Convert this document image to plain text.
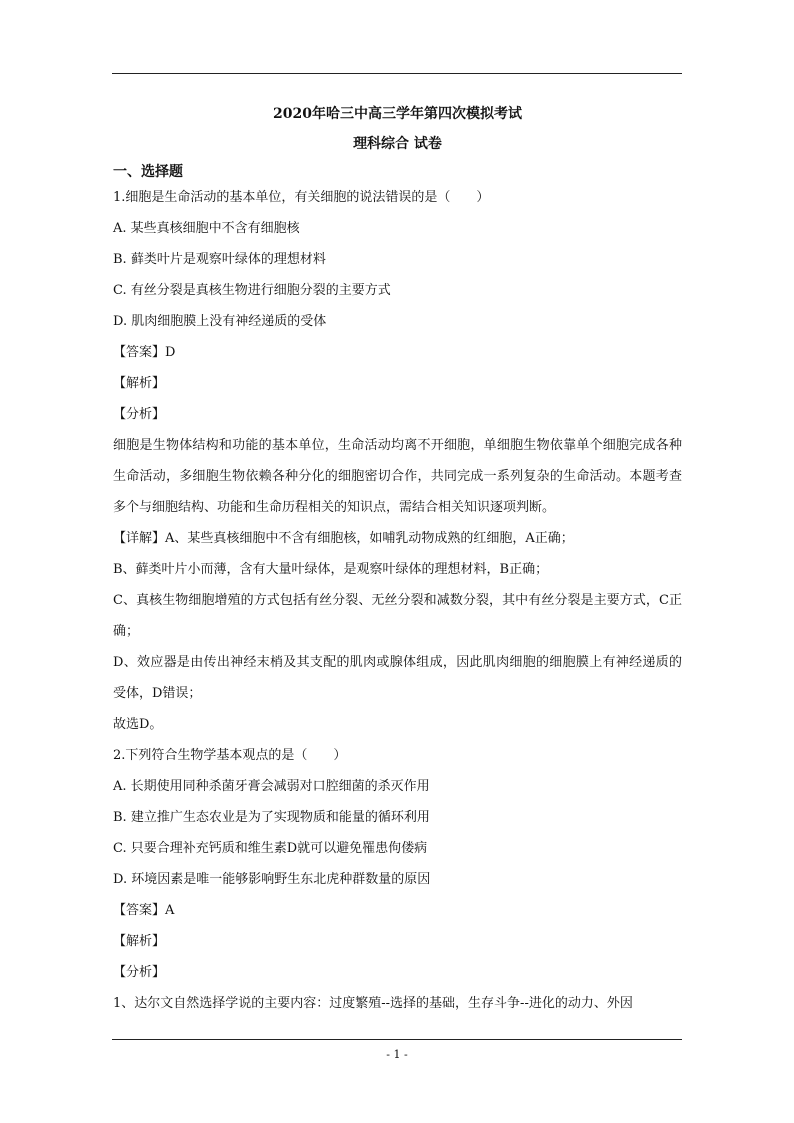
2020年哈三中高三学年第四次模拟考试

理科综合 试卷

一、选择题

1.细胞是生命活动的基本单位，有关细胞的说法错误的是（　　）

A. 某些真核细胞中不含有细胞核

B. 藓类叶片是观察叶绿体的理想材料

C. 有丝分裂是真核生物进行细胞分裂的主要方式

D. 肌肉细胞膜上没有神经递质的受体

【答案】D

【解析】

【分析】

细胞是生物体结构和功能的基本单位，生命活动均离不开细胞，单细胞生物依靠单个细胞完成各种生命活动，多细胞生物依赖各种分化的细胞密切合作，共同完成一系列复杂的生命活动。本题考查多个与细胞结构、功能和生命历程相关的知识点，需结合相关知识逐项判断。

【详解】A、某些真核细胞中不含有细胞核，如哺乳动物成熟的红细胞，A正确；

B、藓类叶片小而薄，含有大量叶绿体，是观察叶绿体的理想材料，B正确；

C、真核生物细胞增殖的方式包括有丝分裂、无丝分裂和减数分裂，其中有丝分裂是主要方式，C正确；

D、效应器是由传出神经末梢及其支配的肌肉或腺体组成，因此肌肉细胞的细胞膜上有神经递质的受体，D错误；

故选D。

2.下列符合生物学基本观点的是（　　）

A. 长期使用同种杀菌牙膏会减弱对口腔细菌的杀灭作用

B. 建立推广生态农业是为了实现物质和能量的循环利用

C. 只要合理补充钙质和维生素D就可以避免罹患佝偻病

D. 环境因素是唯一能够影响野生东北虎种群数量的原因

【答案】A

【解析】

【分析】

1、达尔文自然选择学说的主要内容：过度繁殖--选择的基础，生存斗争--进化的动力、外因

- 1 -
